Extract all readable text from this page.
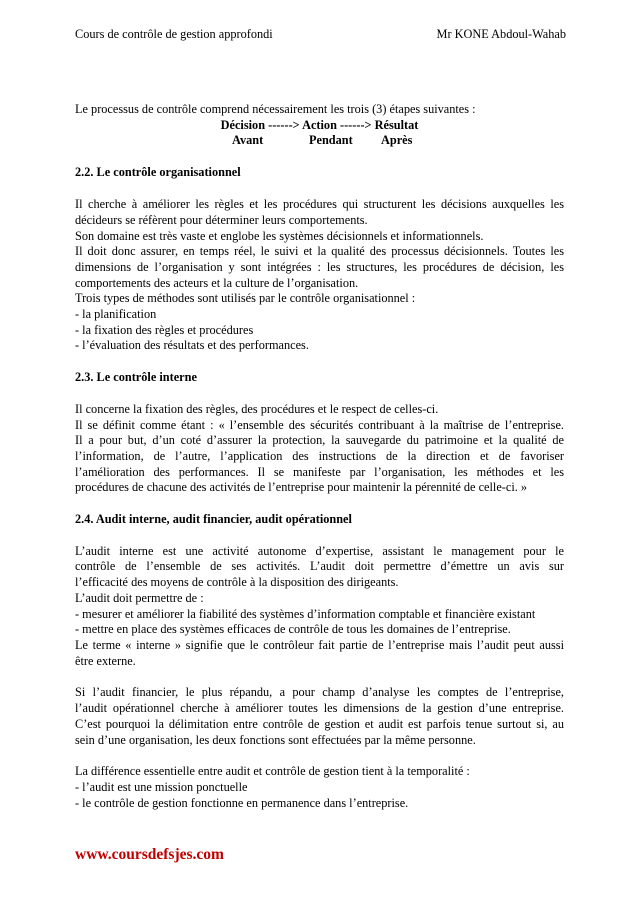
Cours de contrôle de gestion approfondi	Mr KONE Abdoul-Wahab

Le processus de contrôle comprend nécessairement les trois (3) étapes suivantes :

Décision ------> Action ------> Résultat

Avant	Pendant Après

2.2. Le contrôle organisationnel

Il cherche à améliorer les règles et les procédures qui structurent les décisions auxquelles les

décideurs se réfèrent pour déterminer leurs comportements.

Son domaine est très vaste et englobe les systèmes décisionnels et informationnels.

Il doit donc assurer, en temps réel, le suivi et la qualité des processus décisionnels. Toutes les

dimensions de l’organisation y sont intégrées : les structures, les procédures de décision, les

comportements des acteurs et la culture de l’organisation.

Trois types de méthodes sont utilisés par le contrôle organisationnel :

- la planification

- la fixation des règles et procédures

- l’évaluation des résultats et des performances.

2.3. Le contrôle interne

Il concerne la fixation des règles, des procédures et le respect de celles-ci.

Il se définit comme étant : « l’ensemble des sécurités contribuant à la maîtrise de l’entreprise.

Il a pour but, d’un coté d’assurer la protection, la sauvegarde du patrimoine et la qualité de

l’information, de l’autre, l’application des instructions de la direction et de favoriser

l’amélioration des performances. Il se manifeste par l’organisation, les méthodes et les

procédures de chacune des activités de l’entreprise pour maintenir la pérennité de celle-ci. »

2.4. Audit interne, audit financier, audit opérationnel

L’audit interne est une activité autonome d’expertise, assistant le management pour le

contrôle de l’ensemble de ses activités. L’audit doit permettre d’émettre un avis sur

l’efficacité des moyens de contrôle à la disposition des dirigeants.

L’audit doit permettre de :

- mesurer et améliorer la fiabilité des systèmes d’information comptable et financière existant

- mettre en place des systèmes efficaces de contrôle de tous les domaines de l’entreprise.

Le terme « interne » signifie que le contrôleur fait partie de l’entreprise mais l’audit peut aussi

être externe.

Si l’audit financier, le plus répandu, a pour champ d’analyse les comptes de l’entreprise,

l’audit opérationnel cherche à améliorer toutes les dimensions de la gestion d’une entreprise.

C’est pourquoi la délimitation entre contrôle de gestion et audit est parfois tenue surtout si, au

sein d’une organisation, les deux fonctions sont effectuées par la même personne.

La différence essentielle entre audit et contrôle de gestion tient à la temporalité :

- l’audit est une mission ponctuelle

- le contrôle de gestion fonctionne en permanence dans l’entreprise.

www.coursdefsjes.com
